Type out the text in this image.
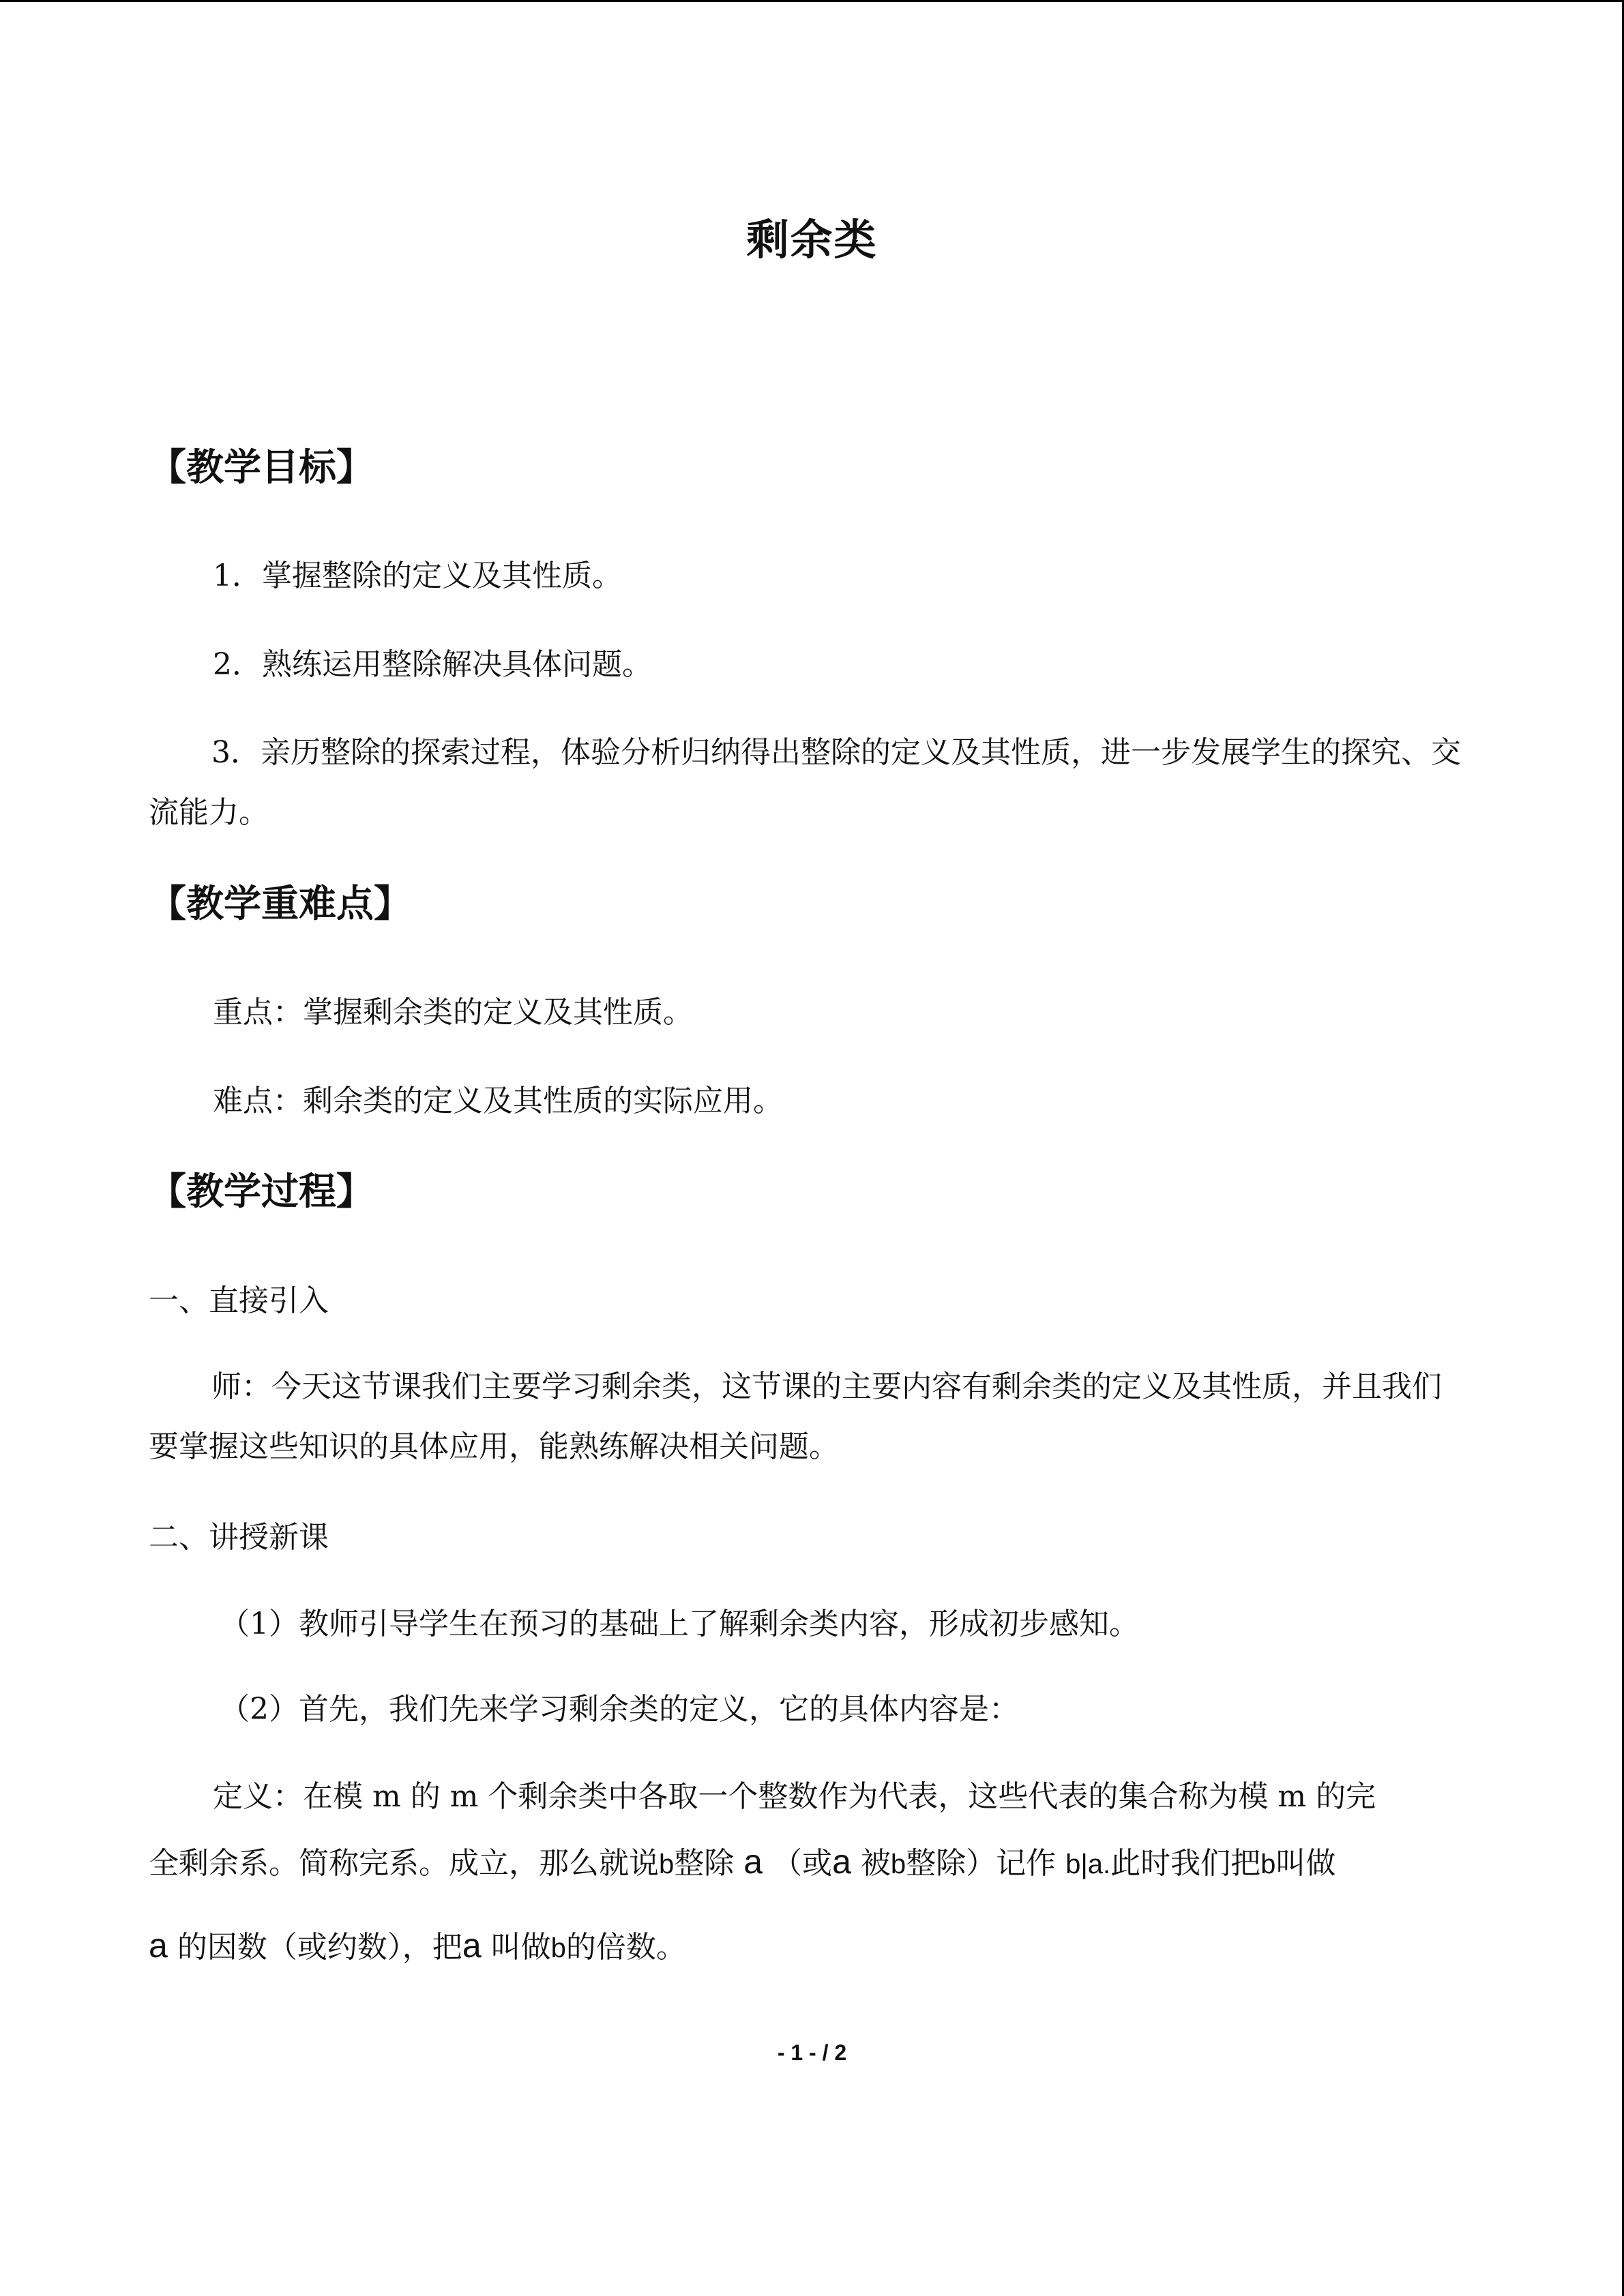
剩余类
【教学目标】
1．掌握整除的定义及其性质。
2．熟练运用整除解决具体问题。
3．亲历整除的探索过程，体验分析归纳得出整除的定义及其性质，进一步发展学生的探究、交流能力。
【教学重难点】
重点：掌握剩余类的定义及其性质。
难点：剩余类的定义及其性质的实际应用。
【教学过程】
一、直接引入
师：今天这节课我们主要学习剩余类，这节课的主要内容有剩余类的定义及其性质，并且我们要掌握这些知识的具体应用，能熟练解决相关问题。
二、讲授新课
（1）教师引导学生在预习的基础上了解剩余类内容，形成初步感知。
（2）首先，我们先来学习剩余类的定义，它的具体内容是：
定义：在模 m 的 m 个剩余类中各取一个整数作为代表，这些代表的集合称为模 m 的完
全剩余系。简称完系。成立，那么就说b整除 a （或a 被b整除）记作 b|a.此时我们把b叫做
a 的因数（或约数），把a 叫做b的倍数。
- 1 - / 2
